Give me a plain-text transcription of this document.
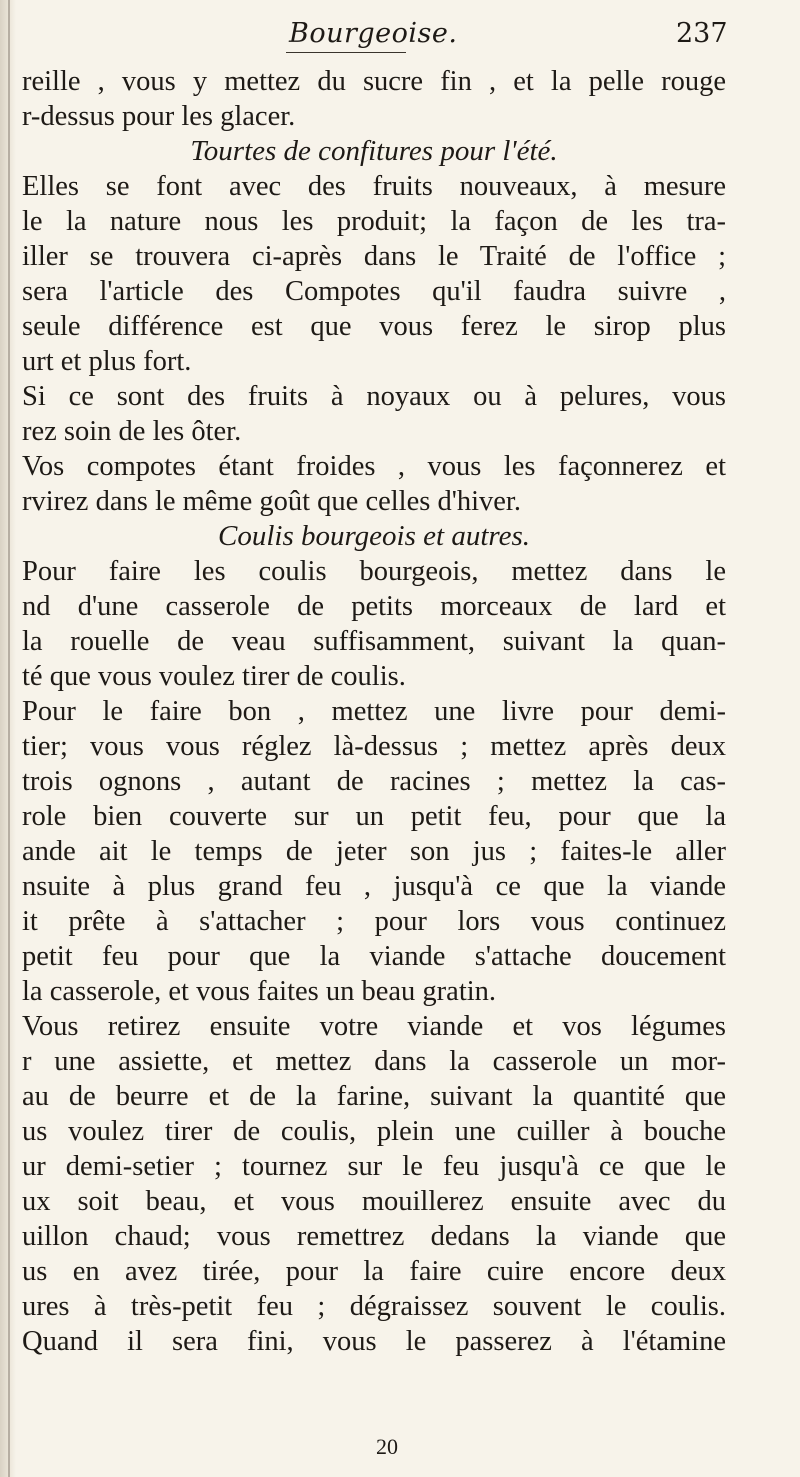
Bourgeoise.	237
reille , vous y mettez du sucre fin , et la pelle rouge
r-dessus pour les glacer.
Tourtes de confitures pour l'été.
Elles se font avec des fruits nouveaux, à mesure
le la nature nous les produit; la façon de les tra-
iller se trouvera ci-après dans le Traité de l'office ;
sera l'article des Compotes qu'il faudra suivre ,
seule différence est que vous ferez le sirop plus
urt et plus fort.
Si ce sont des fruits à noyaux ou à pelures, vous
rez soin de les ôter.
Vos compotes étant froides , vous les façonnerez et
rvirez dans le même goût que celles d'hiver.
Coulis bourgeois et autres.
Pour faire les coulis bourgeois, mettez dans le
nd d'une casserole de petits morceaux de lard et
la rouelle de veau suffisamment, suivant la quan-
té que vous voulez tirer de coulis.
Pour le faire bon , mettez une livre pour demi-
tier; vous vous réglez là-dessus ; mettez après deux
trois ognons , autant de racines ; mettez la cas-
role bien couverte sur un petit feu, pour que la
ande ait le temps de jeter son jus ; faites-le aller
nsuite à plus grand feu , jusqu'à ce que la viande
it prête à s'attacher ; pour lors vous continuez
petit feu pour que la viande s'attache doucement
la casserole, et vous faites un beau gratin.
Vous retirez ensuite votre viande et vos légumes
r une assiette, et mettez dans la casserole un mor-
au de beurre et de la farine, suivant la quantité que
us voulez tirer de coulis, plein une cuiller à bouche
ur demi-setier ; tournez sur le feu jusqu'à ce que le
ux soit beau, et vous mouillerez ensuite avec du
uillon chaud; vous remettrez dedans la viande que
us en avez tirée, pour la faire cuire encore deux
ures à très-petit feu ; dégraissez souvent le coulis.
Quand il sera fini, vous le passerez à l'étamine
20
